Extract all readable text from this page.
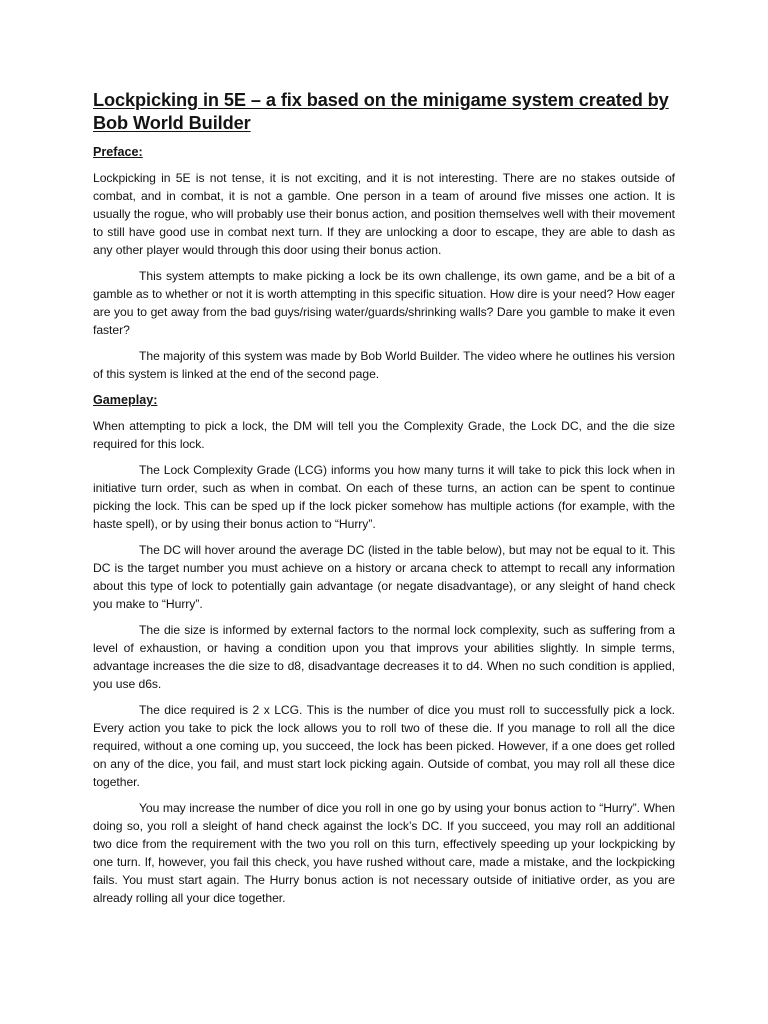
Lockpicking in 5E – a fix based on the minigame system created by Bob World Builder
Preface:

Lockpicking in 5E is not tense, it is not exciting, and it is not interesting. There are no stakes outside of combat, and in combat, it is not a gamble. One person in a team of around five misses one action. It is usually the rogue, who will probably use their bonus action, and position themselves well with their movement to still have good use in combat next turn. If they are unlocking a door to escape, they are able to dash as any other player would through this door using their bonus action.

This system attempts to make picking a lock be its own challenge, its own game, and be a bit of a gamble as to whether or not it is worth attempting in this specific situation. How dire is your need? How eager are you to get away from the bad guys/rising water/guards/shrinking walls? Dare you gamble to make it even faster?

The majority of this system was made by Bob World Builder. The video where he outlines his version of this system is linked at the end of the second page.

Gameplay:

When attempting to pick a lock, the DM will tell you the Complexity Grade, the Lock DC, and the die size required for this lock.

The Lock Complexity Grade (LCG) informs you how many turns it will take to pick this lock when in initiative turn order, such as when in combat. On each of these turns, an action can be spent to continue picking the lock. This can be sped up if the lock picker somehow has multiple actions (for example, with the haste spell), or by using their bonus action to “Hurry”.

The DC will hover around the average DC (listed in the table below), but may not be equal to it. This DC is the target number you must achieve on a history or arcana check to attempt to recall any information about this type of lock to potentially gain advantage (or negate disadvantage), or any sleight of hand check you make to “Hurry”.

The die size is informed by external factors to the normal lock complexity, such as suffering from a level of exhaustion, or having a condition upon you that improvs your abilities slightly. In simple terms, advantage increases the die size to d8, disadvantage decreases it to d4. When no such condition is applied, you use d6s.

The dice required is 2 x LCG. This is the number of dice you must roll to successfully pick a lock. Every action you take to pick the lock allows you to roll two of these die. If you manage to roll all the dice required, without a one coming up, you succeed, the lock has been picked. However, if a one does get rolled on any of the dice, you fail, and must start lock picking again. Outside of combat, you may roll all these dice together.

You may increase the number of dice you roll in one go by using your bonus action to “Hurry”. When doing so, you roll a sleight of hand check against the lock’s DC. If you succeed, you may roll an additional two dice from the requirement with the two you roll on this turn, effectively speeding up your lockpicking by one turn. If, however, you fail this check, you have rushed without care, made a mistake, and the lockpicking fails. You must start again. The Hurry bonus action is not necessary outside of initiative order, as you are already rolling all your dice together.
